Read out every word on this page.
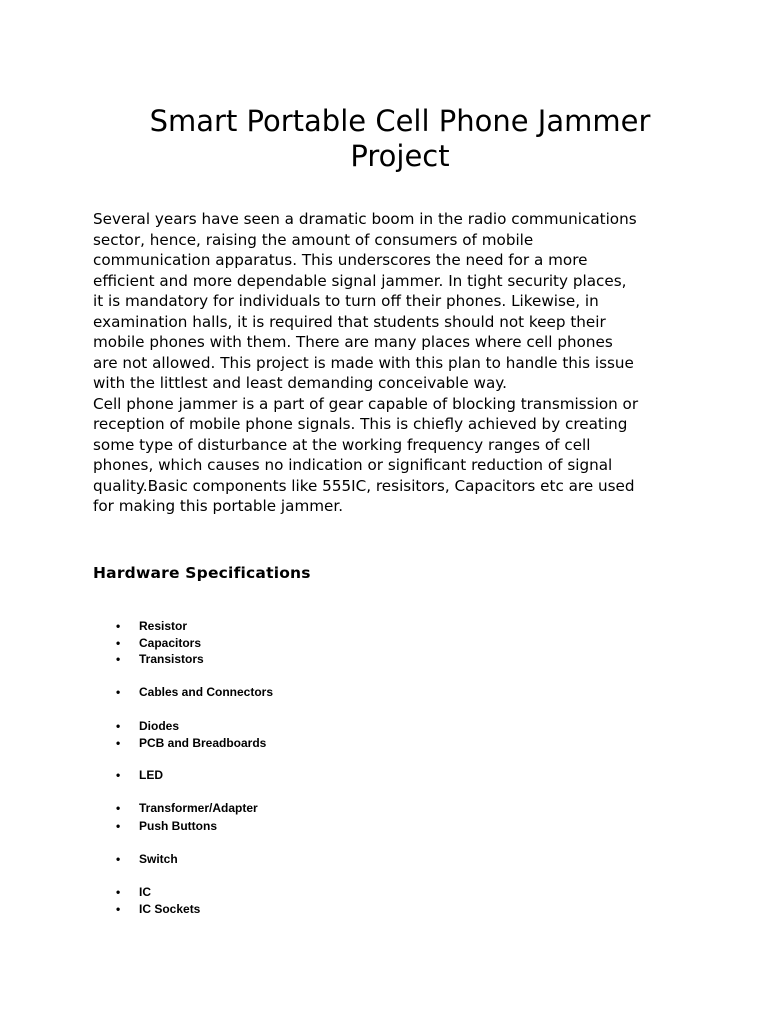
Smart Portable Cell Phone Jammer
Project

Several years have seen a dramatic boom in the radio communications

sector, hence, raising the amount of consumers of mobile

communication apparatus. This underscores the need for a more

efficient and more dependable signal jammer. In tight security places,

it is mandatory for individuals to turn off their phones. Likewise, in

examination halls, it is required that students should not keep their

mobile phones with them. There are many places where cell phones

are not allowed. This project is made with this plan to handle this issue

with the littlest and least demanding conceivable way.

Cell phone jammer is a part of gear capable of blocking transmission or

reception of mobile phone signals. This is chiefly achieved by creating

some type of disturbance at the working frequency ranges of cell

phones, which causes no indication or significant reduction of signal

quality.Basic components like 555IC, resisitors, Capacitors etc are used

for making this portable jammer.

Hardware Specifications
• Resistor
• Capacitors
• Transistors
• Cables and Connectors
• Diodes
• PCB and Breadboards
• LED
• Transformer/Adapter
• Push Buttons
• Switch
• IC
• IC Sockets
